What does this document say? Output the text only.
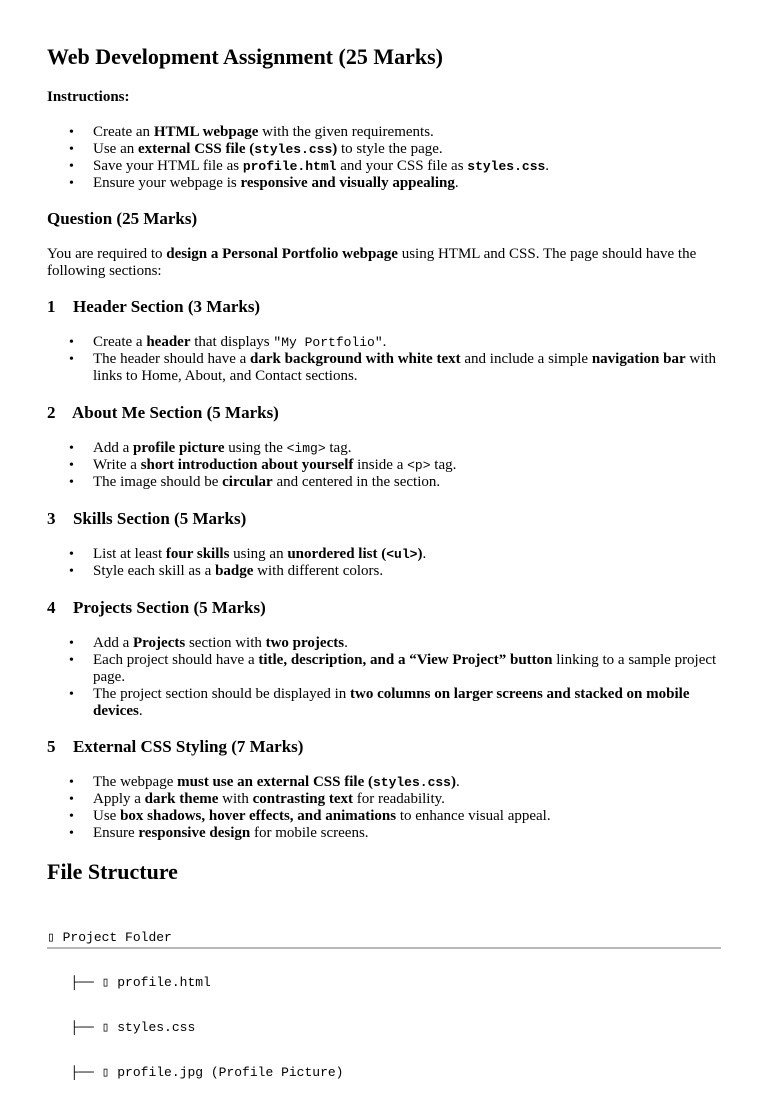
Web Development Assignment (25 Marks)
Instructions:
• Create an HTML webpage with the given requirements.
• Use an external CSS file (styles.css) to style the page.
• Save your HTML file as profile.html and your CSS file as styles.css.
• Ensure your webpage is responsive and visually appealing.
Question (25 Marks)

You are required to design a Personal Portfolio webpage using HTML and CSS. The page should have the following sections:

1⃣ Header Section (3 Marks)
• Create a header that displays "My Portfolio".
• The header should have a dark background with white text and include a simple navigation bar with links to Home, About, and Contact sections.
2⃣ About Me Section (5 Marks)
• Add a profile picture using the <img> tag.
• Write a short introduction about yourself inside a <p> tag.
• The image should be circular and centered in the section.
3⃣ Skills Section (5 Marks)
• List at least four skills using an unordered list (<ul>).
• Style each skill as a badge with different colors.
4⃣ Projects Section (5 Marks)
• Add a Projects section with two projects.
• Each project should have a title, description, and a “View Project” button linking to a sample project page.
• The project section should be displayed in two columns on larger screens and stacked on mobile devices.
5⃣ External CSS Styling (7 Marks)
• The webpage must use an external CSS file (styles.css).
• Apply a dark theme with contrasting text for readability.
• Use box shadows, hover effects, and animations to enhance visual appeal.
• Ensure responsive design for mobile screens.
File Structure

▯ Project Folder

├── ▯ profile.html

├── ▯ styles.css

├── ▯ profile.jpg (Profile Picture)
